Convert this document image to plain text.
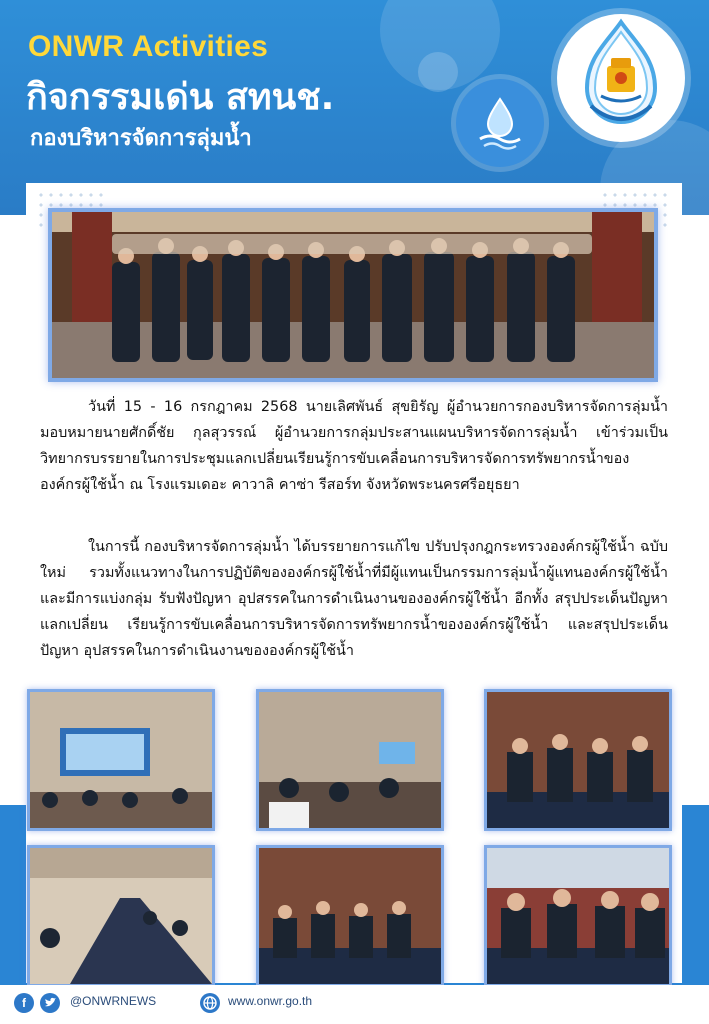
ONWR Activities
กิจกรรมเด่น สทนช.
กองบริหารจัดการลุ่มน้ำ

วันที่ 15 - 16 กรกฎาคม 2568 นายเลิศพันธ์ สุขยิรัญ ผู้อำนวยการกองบริหารจัดการลุ่มน้ำ มอบหมายนายศักดิ์ชัย กุลสุวรรณ์ ผู้อำนวยการกลุ่มประสานแผนบริหารจัดการลุ่มน้ำ เข้าร่วมเป็นวิทยากรบรรยายในการประชุมแลกเปลี่ยนเรียนรู้การขับเคลื่อนการบริหารจัดการทรัพยากรน้ำขององค์กรผู้ใช้น้ำ ณ โรงแรมเดอะ คาวาลิ คาซ่า รีสอร์ท จังหวัดพระนครศรีอยุธยา

ในการนี้ กองบริหารจัดการลุ่มน้ำ ได้บรรยายการแก้ไข ปรับปรุงกฎกระทรวงองค์กรผู้ใช้น้ำ ฉบับใหม่ รวมทั้งแนวทางในการปฏิบัติขององค์กรผู้ใช้น้ำที่มีผู้แทนเป็นกรรมการลุ่มน้ำผู้แทนองค์กรผู้ใช้น้ำ และมีการแบ่งกลุ่ม รับฟังปัญหา อุปสรรคในการดำเนินงานขององค์กรผู้ใช้น้ำ อีกทั้ง สรุปประเด็นปัญหาแลกเปลี่ยน เรียนรู้การขับเคลื่อนการบริหารจัดการทรัพยากรน้ำขององค์กรผู้ใช้น้ำ และสรุปประเด็นปัญหา อุปสรรคในการดำเนินงานขององค์กรผู้ใช้น้ำ

f	@ONWRNEWS	www.onwr.go.th
